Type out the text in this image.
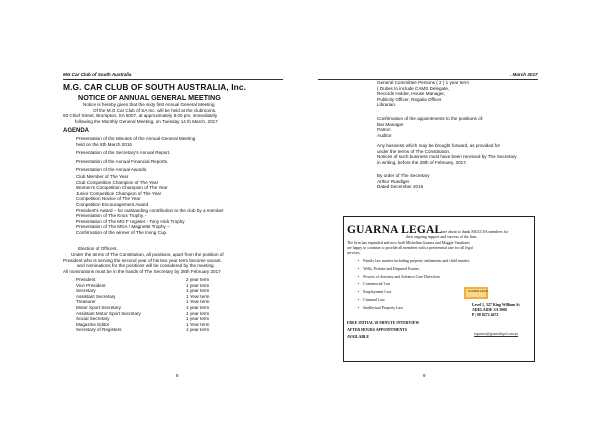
MG Car Club of South Australia
M.G. CAR CLUB OF SOUTH AUSTRALIA, Inc.
NOTICE OF ANNUAL GENERAL MEETING
Notice is hereby given that the sixty first Annual General Meeting
Of the M.G Car Club of SA Inc. will be held at the clubrooms.
93 Chief Street, Brompton, SA 5007, at approximately 8.00 pm, immediately
following the Monthly General Meeting, on Tuesday 14 th March, 2017
AGENDA
Presentation of the Minutes of the Annual General Meeting
held on the 8th March 2016
Presentation of the Secretary's Annual Report.
Presentation of the Annual Financial Reports.
Presentation of the Annual Awards.
Club Member of The Year
Club Competition Champion of The Year
Women's Competition Champion of The Year
Junior Competition Champion of The Year
Competition Novice of The Year
Competition Encouragement Award
President's Award – for outstanding contribution to the club by a member
Presentation of The Knox Trophy. -
Presentation of The MG F register - Tony Hick Trophy
Presentation of The MGA / Magnette Trophy –
Confirmation of the winner of The Irving Cup.
Election of Officers.
Under the terms of The Constitution, all positions, apart from the position of
President who is serving the second year of his two year term become vacant,
and nominations for the positions will be considered by the meeting.
All nominations must be in the hands of The Secretary by 28th February 2017
President	2 year term
Vice President	1 year term
Secretary	1 year term
Assistant Secretary	1 Year term
Treasurer	1 Year term
Motor Sport Secretary	1 year term
Assistant Motor Sport Secretary	1 year term
Social Secretary	1 year term
Magazine Editor	1 Year term
Secretary of Registers	1 year term
8
. March 2017
General Committee Persons ( 2 ) 1 year term
( Duties to include CAMS Delegate,
Records Holder, House Manager,
Publicity Officer, Regalia Officer
Librarian.
Confirmation of the appointments to the positions of:
Bar Manager
Patron
Auditor
Any business which may be brought forward, as provided for
under the terms of The Constitution.
Notices of such business must have been received by The Secretary
in writing, before the 28th of February, 2017.
By order of The Secretary
Arthur Ruediger
Dated December 2016
GUARNA LEGALare about to thank MGCCSA members for
their ongoing support and success of the firm.
The firm has expanded and now both Michelina Guarna and Maggie Vanakaris
are happy to continue to provide all members with a preferential rate for all legal
services.
•    Family law matters including property settlements and child matters
•    Wills, Probate and Disputed Estates
•    Powers of Attorney and Advance Care Directives
•    Commercial Law
•    Employment Law
•    Criminal Law
•    Intellectual Property Law
FREE INITIAL 20 MINUTE INTERVIEW
AFTER HOURS APPOINTMENTS
AVAILABLE
GUARNA LEGAL
Level 1, 327 King William St
ADELAIDE SA 5000
P | 08 8272 4672
mguarna@guarnalegal.com.au
9
